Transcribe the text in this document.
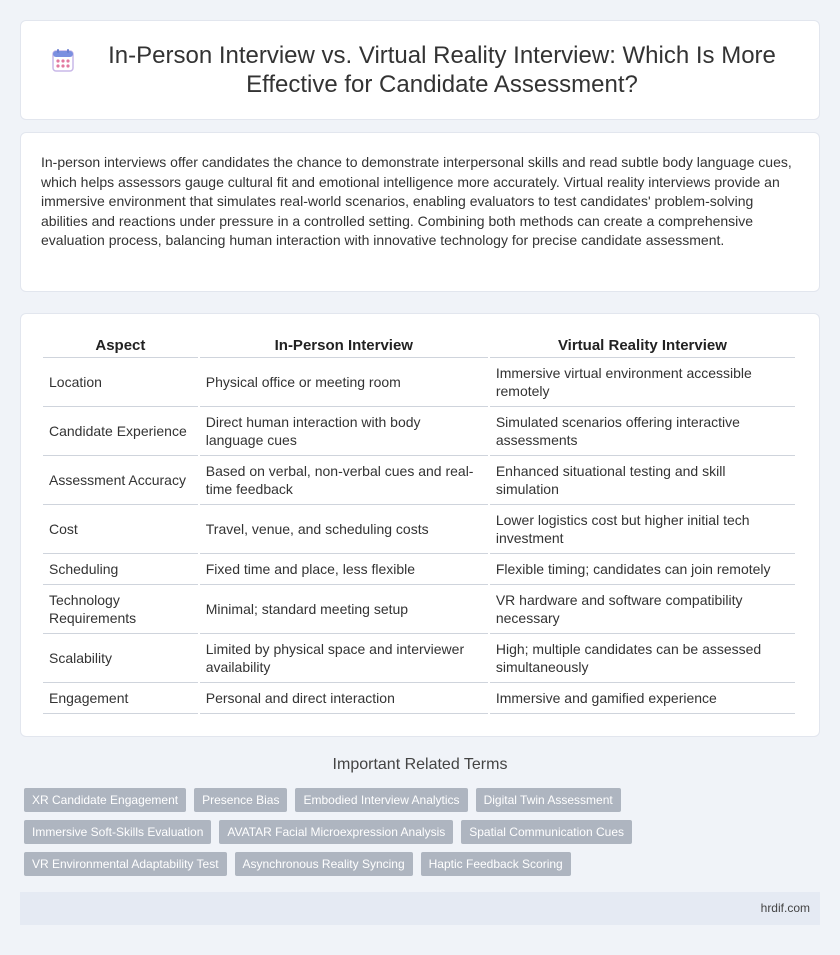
In-Person Interview vs. Virtual Reality Interview: Which Is More Effective for Candidate Assessment?

In-person interviews offer candidates the chance to demonstrate interpersonal skills and read subtle body language cues, which helps assessors gauge cultural fit and emotional intelligence more accurately. Virtual reality interviews provide an immersive environment that simulates real-world scenarios, enabling evaluators to test candidates' problem-solving abilities and reactions under pressure in a controlled setting. Combining both methods can create a comprehensive evaluation process, balancing human interaction with innovative technology for precise candidate assessment.

Aspect	In-Person Interview	Virtual Reality Interview
Location	Physical office or meeting room	Immersive virtual environment accessible remotely
Candidate Experience	Direct human interaction with body language cues	Simulated scenarios offering interactive assessments
Assessment Accuracy	Based on verbal, non-verbal cues and real-time feedback	Enhanced situational testing and skill simulation
Cost	Travel, venue, and scheduling costs	Lower logistics cost but higher initial tech investment
Scheduling	Fixed time and place, less flexible	Flexible timing; candidates can join remotely
Technology Requirements	Minimal; standard meeting setup	VR hardware and software compatibility necessary
Scalability	Limited by physical space and interviewer availability	High; multiple candidates can be assessed simultaneously
Engagement	Personal and direct interaction	Immersive and gamified experience
Important Related Terms
XR Candidate Engagement	Presence Bias	Embodied Interview Analytics	Digital Twin Assessment
Immersive Soft-Skills Evaluation	AVATAR Facial Microexpression Analysis	Spatial Communication Cues
VR Environmental Adaptability Test	Asynchronous Reality Syncing	Haptic Feedback Scoring
hrdif.com
